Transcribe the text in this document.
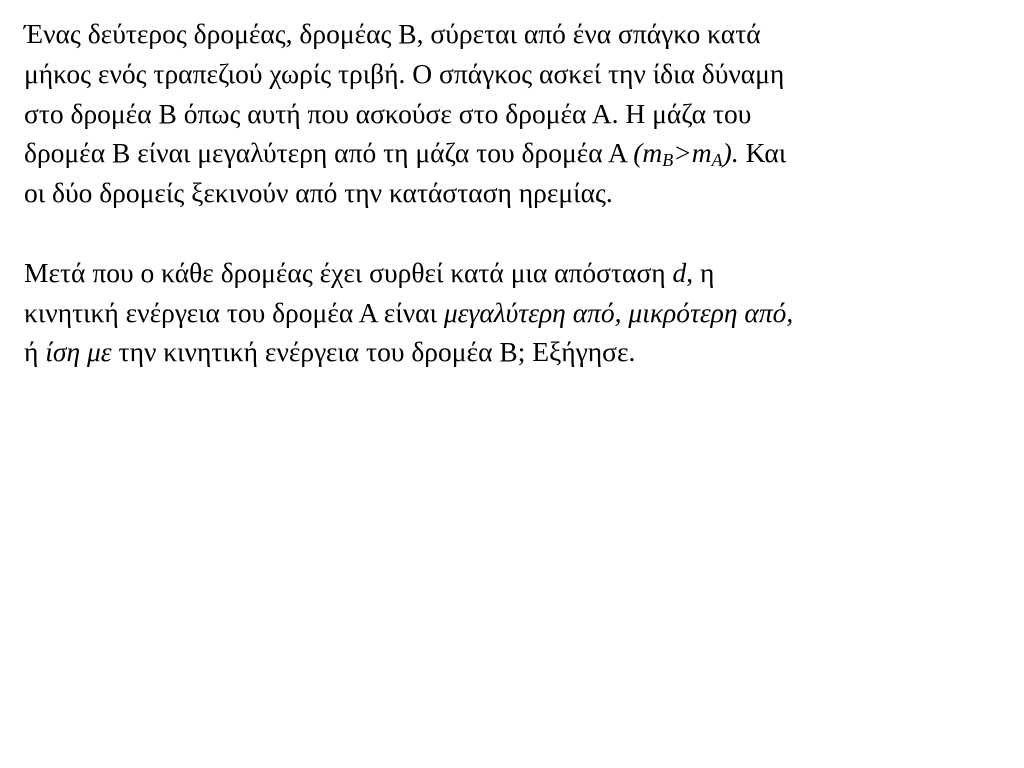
Ένας δεύτερος δρομέας, δρομέας Β, σύρεται από ένα σπάγκο κατά
μήκος ενός τραπεζιού χωρίς τριβή. Ο σπάγκος ασκεί την ίδια δύναμη
στο δρομέα Β όπως αυτή που ασκούσε στο δρομέα Α. Η μάζα του
δρομέα Β είναι μεγαλύτερη από τη μάζα του δρομέα Α $(m_B>m_A)$. Και
οι δύο δρομείς ξεκινούν από την κατάσταση ηρεμίας.

Μετά που ο κάθε δρομέας έχει συρθεί κατά μια απόσταση d, η
κινητική ενέργεια του δρομέα Α είναι μεγαλύτερη από, μικρότερη από,
ή ίση με την κινητική ενέργεια του δρομέα Β; Εξήγησε.
